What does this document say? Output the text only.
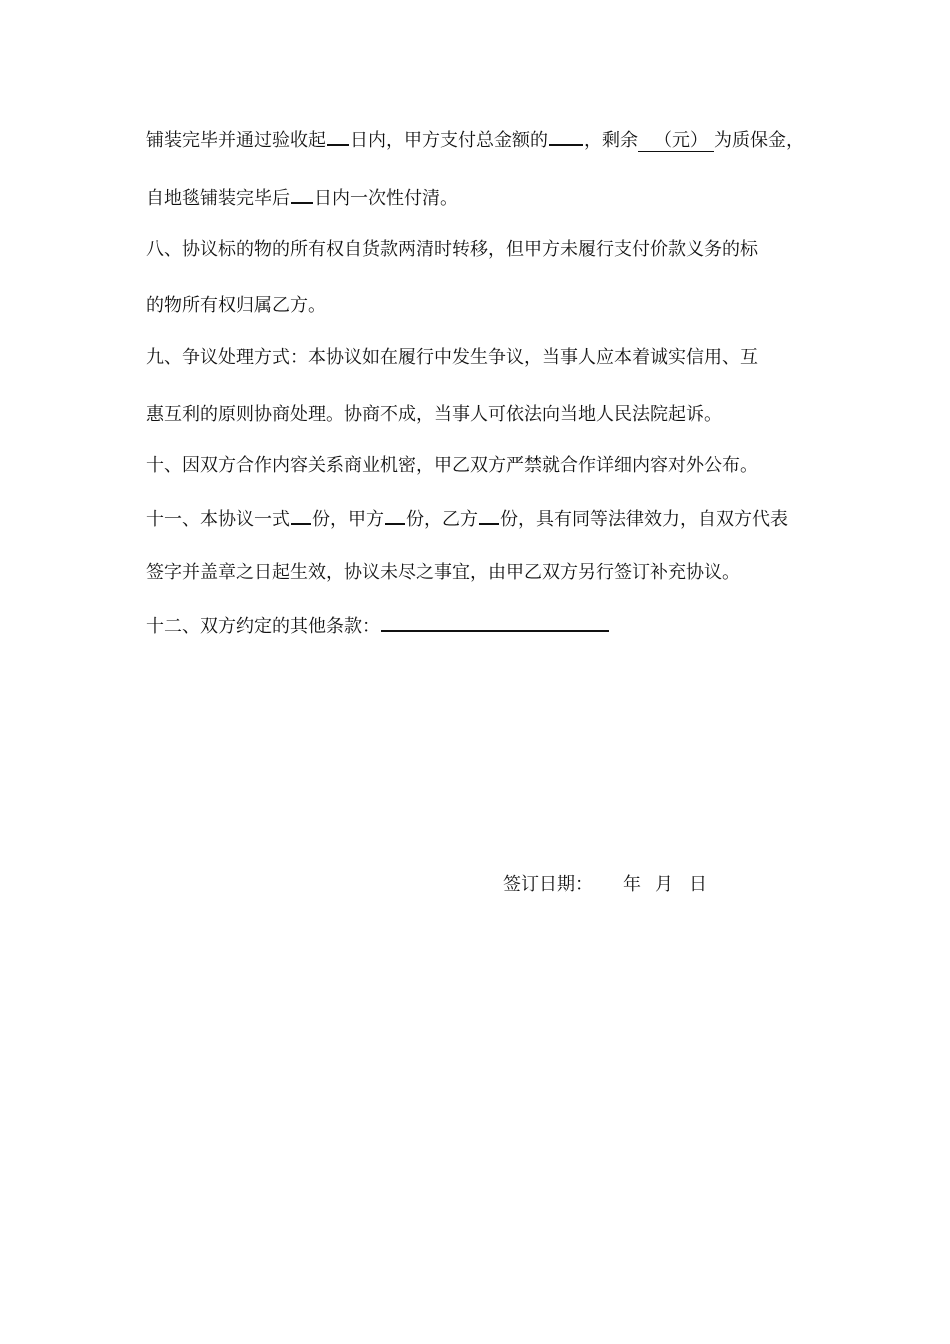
铺装完毕并通过验收起 日内，甲方支付总金额的 ，剩余 （元） 为质保金，
自地毯铺装完毕后 日内一次性付清。
八、协议标的物的所有权自货款两清时转移，但甲方未履行支付价款义务的标
的物所有权归属乙方。
九、争议处理方式：本协议如在履行中发生争议，当事人应本着诚实信用、互
惠互利的原则协商处理。协商不成，当事人可依法向当地人民法院起诉。
十、因双方合作内容关系商业机密，甲乙双方严禁就合作详细内容对外公布。
十一、本协议一式 份，甲方 份，乙方 份，具有同等法律效力，自双方代表
签字并盖章之日起生效，协议未尽之事宜，由甲乙双方另行签订补充协议。
十二、双方约定的其他条款：
签订日期： 年 月 日
